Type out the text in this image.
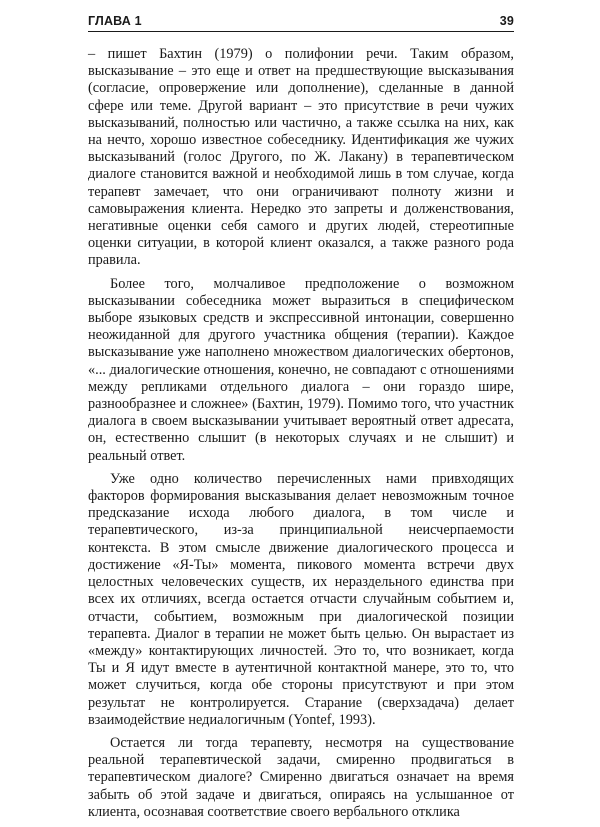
ГЛАВА 1	39

– пишет Бахтин (1979) о полифонии речи. Таким образом, высказывание – это еще и ответ на предшествующие высказывания (согласие, опровержение или дополнение), сделанные в данной сфере или теме. Другой вариант – это присутствие в речи чужих высказываний, полностью или частично, а также ссылка на них, как на нечто, хорошо известное собеседнику. Идентификация же чужих высказываний (голос Другого, по Ж. Лакану) в терапевтическом диалоге становится важной и необходимой лишь в том случае, когда терапевт замечает, что они ограничивают полноту жизни и самовыражения клиента. Нередко это запреты и долженствования, негативные оценки себя самого и других людей, стереотипные оценки ситуации, в которой клиент оказался, а также разного рода правила.

Более того, молчаливое предположение о возможном высказывании собеседника может выразиться в специфическом выборе языковых средств и экспрессивной интонации, совершенно неожиданной для другого участника общения (терапии). Каждое высказывание уже наполнено множеством диалогических обертонов, «... диалогические отношения, конечно, не совпадают с отношениями между репликами отдельного диалога – они гораздо шире, разнообразнее и сложнее» (Бахтин, 1979). Помимо того, что участник диалога в своем высказывании учитывает вероятный ответ адресата, он, естественно слышит (в некоторых случаях и не слышит) и реальный ответ.

Уже одно количество перечисленных нами привходящих факторов формирования высказывания делает невозможным точное предсказание исхода любого диалога, в том числе и терапевтического, из-за принципиальной неисчерпаемости контекста. В этом смысле движение диалогического процесса и достижение «Я-Ты» момента, пикового момента встречи двух целостных человеческих существ, их нераздельного единства при всех их отличиях, всегда остается отчасти случайным событием и, отчасти, событием, возможным при диалогической позиции терапевта. Диалог в терапии не может быть целью. Он вырастает из «между» контактирующих личностей. Это то, что возникает, когда Ты и Я идут вместе в аутентичной контактной манере, это то, что может случиться, когда обе стороны присутствуют и при этом результат не контролируется. Старание (сверхзадача) делает взаимодействие недиалогичным (Yontef, 1993).

Остается ли тогда терапевту, несмотря на существование реальной терапевтической задачи, смиренно продвигаться в терапевтическом диалоге? Смиренно двигаться означает на время забыть об этой задаче и двигаться, опираясь на услышанное от клиента, осознавая соответствие своего вербального отклика
